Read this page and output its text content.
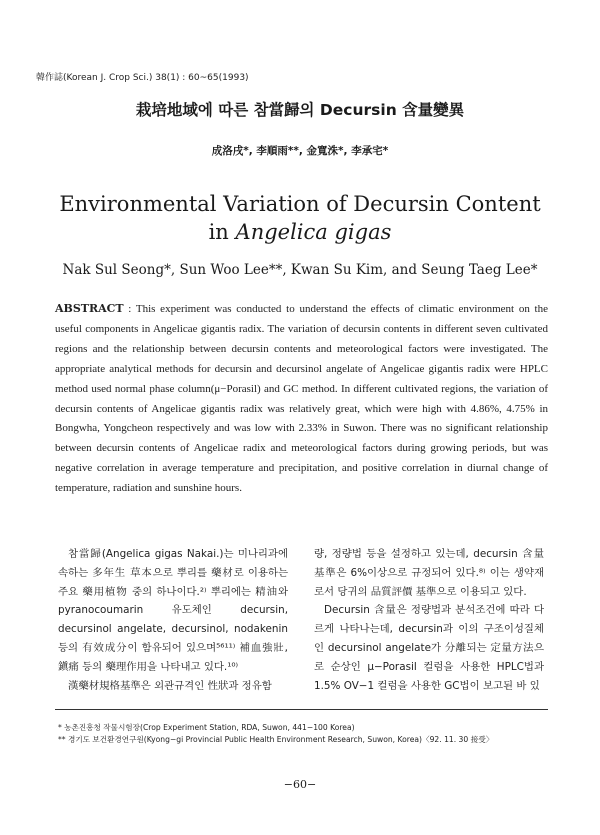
韓作誌(Korean J. Crop Sci.) 38(1) : 60~65(1993)
栽培地域에 따른 참當歸의 Decursin 含量變異
成洛戌*, 李順雨**, 金寬洙*, 李承宅*
Environmental Variation of Decursin Content
in Angelica gigas
Nak Sul Seong*, Sun Woo Lee**, Kwan Su Kim, and Seung Taeg Lee*
ABSTRACT : This experiment was conducted to understand the effects of climatic environment on the useful components in Angelicae gigantis radix. The variation of decursin contents in different seven cultivated regions and the relationship between decursin contents and meteorological factors were investigated. The appropriate analytical methods for decursin and decursinol angelate of Angelicae gigantis radix were HPLC method used normal phase column(μ−Porasil) and GC method. In different cultivated regions, the variation of decursin contents of Angelicae gigantis radix was relatively great, which were high with 4.86%, 4.75% in Bongwha, Yongcheon respectively and was low with 2.33% in Suwon. There was no significant relationship between decursin contents of Angelicae radix and meteorological factors during growing periods, but was negative correlation in average temperature and precipitation, and positive correlation in diurnal change of temperature, radiation and sunshine hours.

참當歸(Angelica gigas Nakai.)는 미나리과에 속하는 多年生 草本으로 뿌리를 藥材로 이용하는 주요 藥用植物 중의 하나이다.²⁾ 뿌리에는 精油와 pyranocoumarin 유도체인 decursin, decursinol angelate, decursinol, nodakenin 등의 有效成分이 함유되어 있으며⁵⁶¹¹⁾ 補血強壯, 鎭痛 등의 藥理作用을 나타내고 있다.¹⁰⁾

漢藥材規格基準은 외관규격인 性狀과 정유함

량, 정량법 등을 설정하고 있는데, decursin 含量基準은 6%이상으로 규정되어 있다.⁸⁾ 이는 생약재로서 당귀의 品質評價 基準으로 이용되고 있다.

Decursin 含量은 정량법과 분석조건에 따라 다르게 나타나는데, decursin과 이의 구조이성질체인 decursinol angelate가 分離되는 定量方法으로 순상인 μ−Porasil 컬럼을 사용한 HPLC법과 1.5% OV−1 컬럼을 사용한 GC법이 보고된 바 있

* 농촌진흥청 작물시험장(Crop Experiment Station, RDA, Suwon, 441−100 Korea)
** 경기도 보건환경연구원(Kyong−gi Provincial Public Health Environment Research, Suwon, Korea)〈92. 11. 30 接受〉
−60−
